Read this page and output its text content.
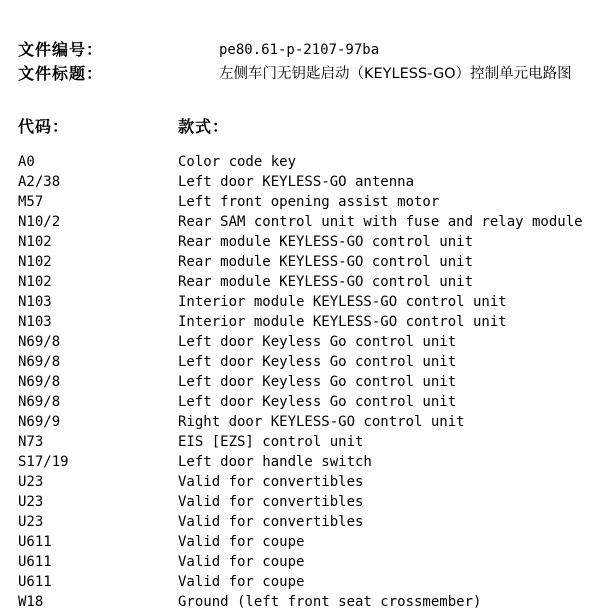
文件编号：	pe80.61-p-2107-97ba
文件标题：	左侧车门无钥匙启动（KEYLESS-GO）控制单元电路图
代码：	款式：
A0	Color code key
A2/38	Left door KEYLESS-GO antenna
M57	Left front opening assist motor
N10/2	Rear SAM control unit with fuse and relay module
N102	Rear module KEYLESS-GO control unit
N102	Rear module KEYLESS-GO control unit
N102	Rear module KEYLESS-GO control unit
N103	Interior module KEYLESS-GO control unit
N103	Interior module KEYLESS-GO control unit
N69/8	Left door Keyless Go control unit
N69/8	Left door Keyless Go control unit
N69/8	Left door Keyless Go control unit
N69/8	Left door Keyless Go control unit
N69/9	Right door KEYLESS-GO control unit
N73	EIS [EZS] control unit
S17/19	Left door handle switch
U23	Valid for convertibles
U23	Valid for convertibles
U23	Valid for convertibles
U611	Valid for coupe
U611	Valid for coupe
U611	Valid for coupe
W18	Ground (left front seat crossmember)
